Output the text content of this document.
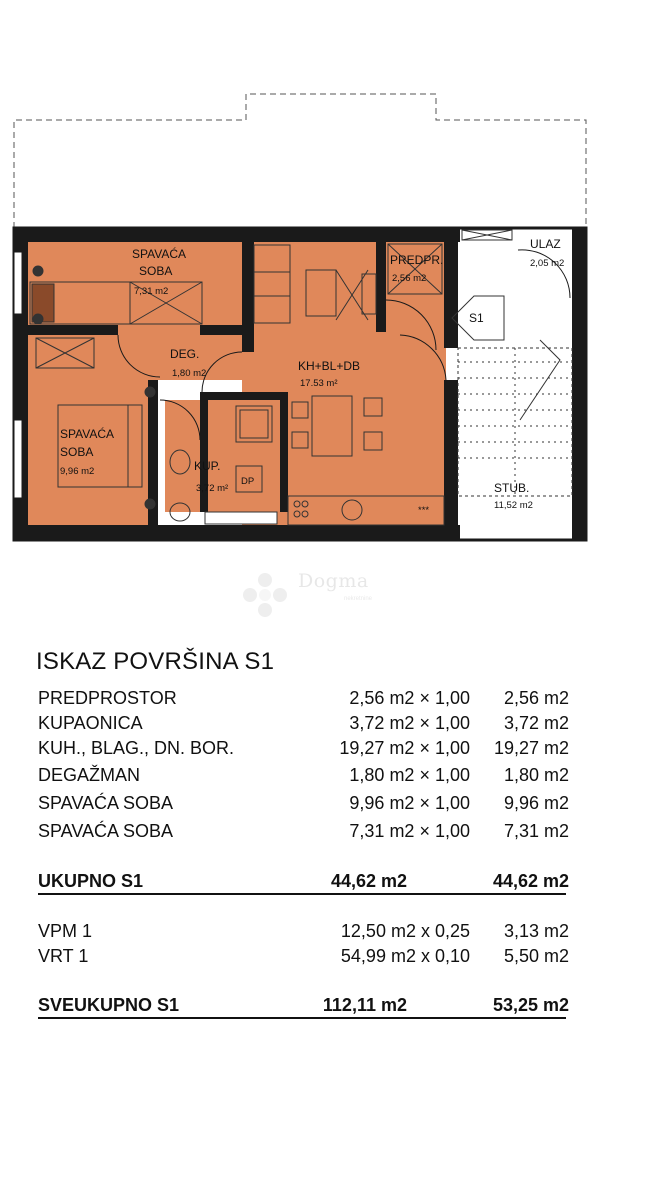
SPAVAĆA
SOBA
7,31 m2
DEG.
1,80 m2
KH+BL+DB
17.53 m²
PREDPR.
2,56 m2
ULAZ
2,05 m2
SPAVAĆA
SOBA
9,96 m2	KUP.
3,72 m²	STUB.
11,52 m2
S1
DP
***
Dogma
nekretnine
ISKAZ POVRŠINA S1
PREDPROSTOR	2,56 m2 × 1,00 2,56 m2
KUPAONICA	3,72 m2 × 1,00 3,72 m2
KUH., BLAG., DN. BOR.	19,27 m2 × 1,00 19,27 m2
DEGAŽMAN	1,80 m2 × 1,00 1,80 m2
SPAVAĆA SOBA	9,96 m2 × 1,00 9,96 m2
SPAVAĆA SOBA	7,31 m2 × 1,00 7,31 m2
UKUPNO S1	44,62 m2	44,62 m2
VPM 1	12,50 m2 x 0,25 3,13 m2
VRT 1	54,99 m2 x 0,10 5,50 m2
SVEUKUPNO S1	112,11 m2	53,25 m2
